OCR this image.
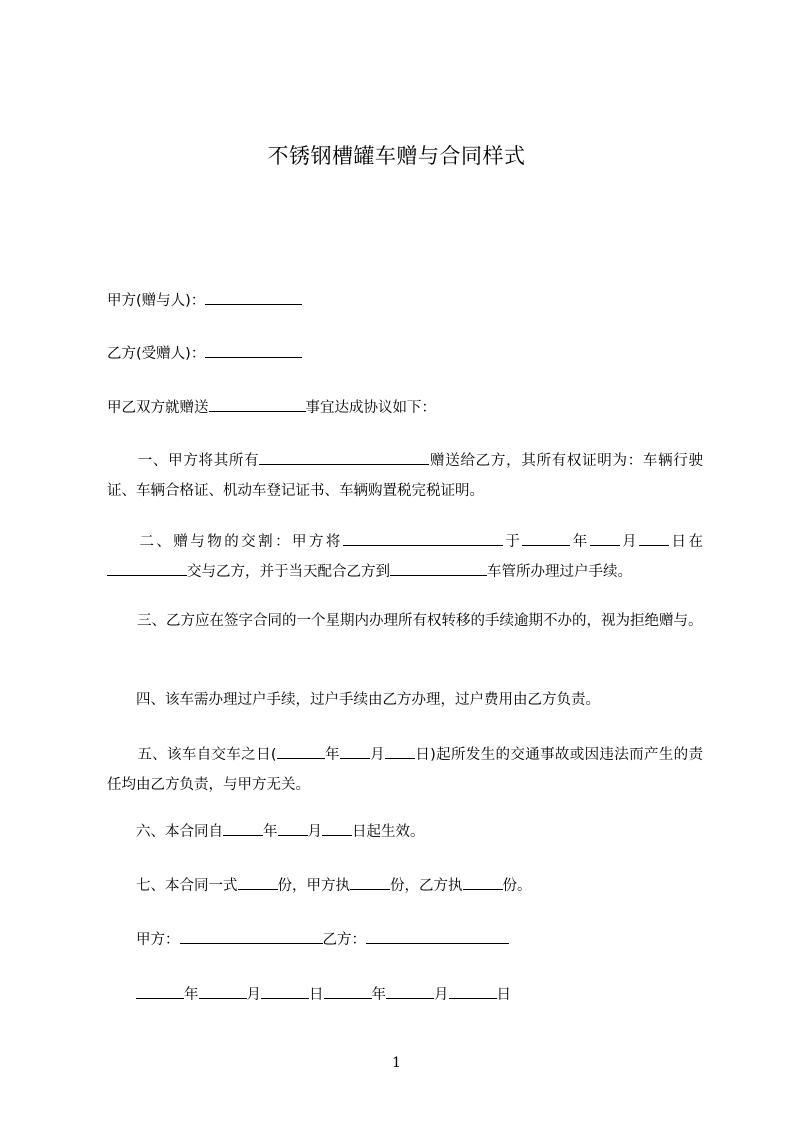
不锈钢槽罐车赠与合同样式
甲方(赠与人)：
乙方(受赠人)：
甲乙双方就赠送	事宜达成协议如下：
一、甲方将其所有	赠送给乙方，其所有权证明为：车辆行驶证、车辆合格证、机动车登记证书、车辆购置税完税证明。
二、赠与物的交割：甲方将	于	年 月 日在交与乙方，并于当天配合乙方到	车管所办理过户手续。
三、乙方应在签字合同的一个星期内办理所有权转移的手续逾期不办的，视为拒绝赠与。
四、该车需办理过户手续，过户手续由乙方办理，过户费用由乙方负责。
五、该车自交车之日(	年 月 日)起所发生的交通事故或因违法而产生的责任均由乙方负责，与甲方无关。
六、本合同自	年 月 日起生效。
七、本合同一式	份，甲方执	份，乙方执	份。
甲方：	乙方：
年	月	日	年	月	日
1
